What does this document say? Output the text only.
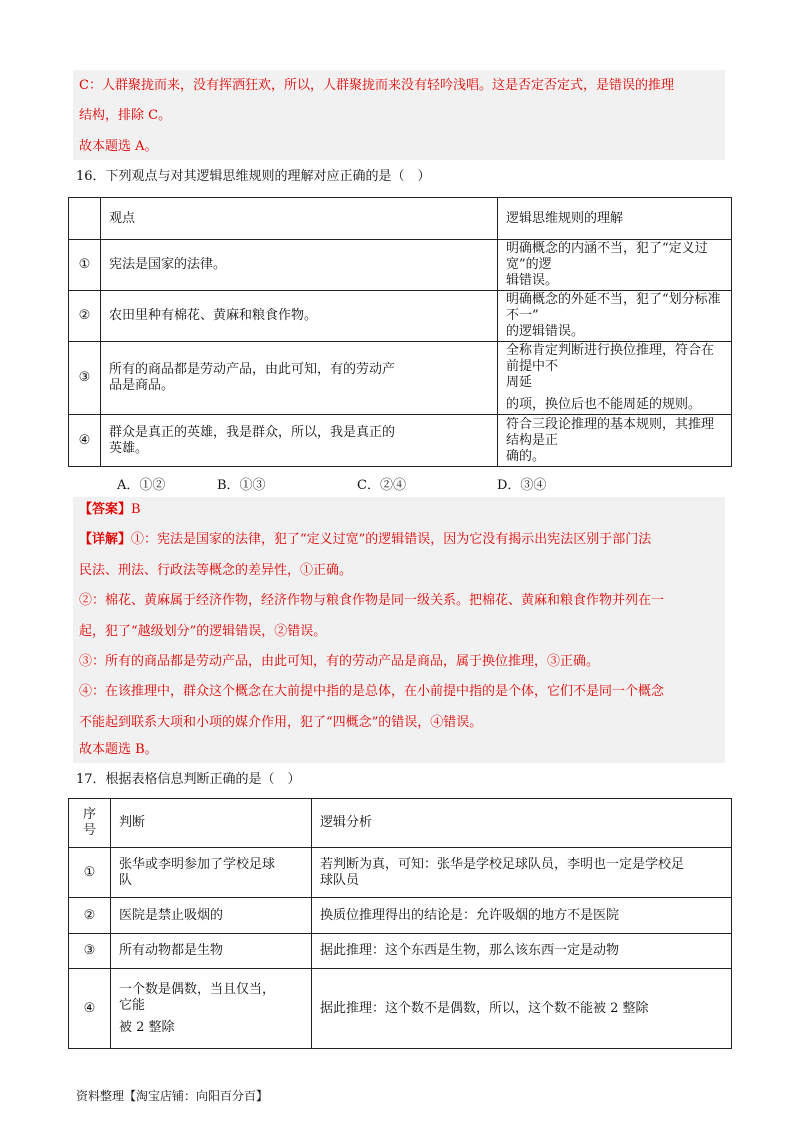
C：人群聚拢而来，没有挥洒狂欢，所以，人群聚拢而来没有轻吟浅唱。这是否定否定式，是错误的推理
结构，排除 C。
故本题选 A。
16．下列观点与对其逻辑思维规则的理解对应正确的是（　）
	观点	逻辑思维规则的理解
①	宪法是国家的法律。	明确概念的内涵不当，犯了“定义过宽”的逻
辑错误。

②	农田里种有棉花、黄麻和粮食作物。	明确概念的外延不当，犯了“划分标准不一”
的逻辑错误。

③	所有的商品都是劳动产品，由此可知，有的劳动产
品是商品。	全称肯定判断进行换位推理，符合在前提中不
周延
的项，换位后也不能周延的规则。

④	群众是真正的英雄，我是群众，所以，我是真正的
英雄。	符合三段论推理的基本规则，其推理结构是正
确的。
A．①②	B．①③	C．②④	D．③④
【答案】B
【详解】①：宪法是国家的法律，犯了“定义过宽”的逻辑错误，因为它没有揭示出宪法区别于部门法
民法、刑法、行政法等概念的差异性，①正确。
②：棉花、黄麻属于经济作物，经济作物与粮食作物是同一级关系。把棉花、黄麻和粮食作物并列在一
起，犯了“越级划分”的逻辑错误，②错误。
③：所有的商品都是劳动产品，由此可知，有的劳动产品是商品，属于换位推理，③正确。
④：在该推理中，群众这个概念在大前提中指的是总体，在小前提中指的是个体，它们不是同一个概念
不能起到联系大项和小项的媒介作用，犯了“四概念”的错误，④错误。
故本题选 B。
17．根据表格信息判断正确的是（　）
序
号	判断	逻辑分析
①	张华或李明参加了学校足球
队	若判断为真，可知：张华是学校足球队员，李明也一定是学校足
球队员

②	医院是禁止吸烟的	换质位推理得出的结论是：允许吸烟的地方不是医院
③	所有动物都是生物	据此推理：这个东西是生物，那么该东西一定是动物
④	一个数是偶数，当且仅当，
它能
被 2 整除	据此推理：这个数不是偶数，所以，这个数不能被 2 整除
资料整理【淘宝店铺：向阳百分百】
